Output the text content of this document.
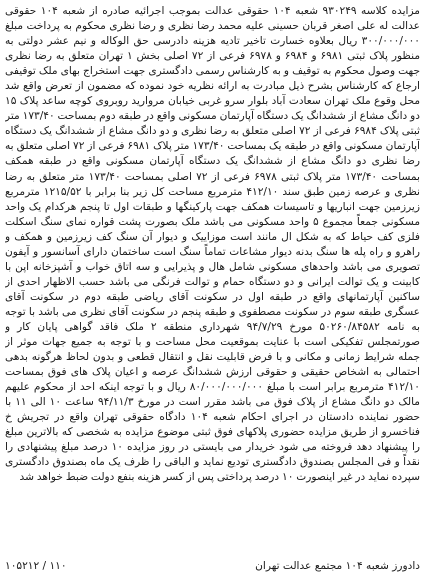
مزایده کلاسه ۹۳۰۲۴۹ شعبه ۱۰۴ حقوقی عدالت بموجب اجرائیه صادره از شعبه ۱۰۴ حقوقی عدالت له علی اصغر قربان حسینی علیه محمد رضا نظری و رضا نظری محکوم به پرداخت مبلغ ۳۰۰/۰۰۰/۰۰۰ ریال بعلاوه خسارت تاخیر تادیه هزینه دادرسی حق الوکاله و نیم عشر دولتی به منظور پلاک ثبتی ۶۹۸۱ و ۶۹۸۴ و ۶۹۷۸ فرعی از ۷۲ اصلی بخش ۱ تهران متعلق به رضا نظری جهت وصول محکوم به توقیف و به کارشناس رسمی دادگستری جهت استخراج بهای ملک توقیفی ارجاع که کارشناس بشرح ذیل مبادرت به ارائه نظریه خود نموده که مضمون از تعرض واقع شد محل وقوع ملک تهران سعادت آباد بلوار سرو غربی خیابان مروارید روبروی کوچه ساعد پلاک ۱۵ دو دانگ مشاع از ششدانگ یک دستگاه آپارتمان مسکونی واقع در طبقه دوم بمساحت ۱۷۳/۴۰ متر ثبتی پلاک ۶۹۸۴ فرعی از ۷۲ اصلی متعلق به رضا نظری و دو دانگ مشاع از ششدانگ یک دستگاه آپارتمان مسکونی واقع در طبقه یک بمساحت ۱۷۳/۴۰ متر پلاک ۶۹۸۱ فرعی از ۷۲ اصلی متعلق به رضا نظری دو دانگ مشاع از ششدانگ یک دستگاه آپارتمان مسکونی واقع در طبقه همکف بمساحت ۱۷۳/۴۰ متر پلاک ثبتی ۶۹۷۸ فرعی از ۷۲ اصلی بمساحت ۱۷۳/۴۰ متر متعلق به رضا نظری و عرصه زمین طبق سند ۴۱۲/۱۰ مترمربع مساحت کل زیر بنا برابر با ۱۲۱۵/۵۲ مترمربع زیرزمین جهت انباریها و تاسیسات همکف جهت پارکینگها و طبقات اول تا پنجم هرکدام یک واحد مسکونی جمعاً مجموع ۵ واحد مسکونی می باشد ملک بصورت پشت قواره نمای سنگ اسکلت فلزی کف حیاط که به شکل ال مانند است موزاییک و دیوار آن سنگ کف زیرزمین و همکف و راهرو و راه پله ها سنگ بدنه دیوار مشاعات تماماً سنگ است ساختمان دارای آسانسور و آیفون تصویری می باشد واحدهای مسکونی شامل هال و پذیرایی و سه اتاق خواب و آشپزخانه اپن با کابینت و یک توالت ایرانی و دو دستگاه حمام و توالت فرنگی می باشد حسب الاظهار احدی از ساکنین آپارتمانهای واقع در طبقه اول در سکونت آقای ریاضی طبقه دوم در سکونت آقای عسگری طبقه سوم در سکونت مصطفوی و طبقه پنجم در سکونت آقای نظری می باشد با توجه به نامه ۵۰۲۶۰/۸۴۵۸۲ مورخ ۹۴/۷/۲۹ شهرداری منطقه ۲ ملک فاقد گواهی پایان کار و صورتمجلس تفکیکی است با عنایت بموقعیت محل مساحت و با توجه به جمیع جهات موثر از جمله شرایط زمانی و مکانی و با فرض قابلیت نقل و انتقال قطعی و بدون لحاظ هرگونه بدهی احتمالی به اشخاص حقیقی و حقوقی ارزش ششدانگ عرصه و اعیان پلاک های فوق بمساحت ۴۱۲/۱۰ مترمربع برابر است با مبلغ ۸۰/۰۰۰/۰۰۰/۰۰۰ ریال و با توجه اینکه احد از محکوم علیهم مالک دو دانگ مشاع از پلاک فوق می باشد مقرر است در مورخ ۹۴/۱۱/۳ ساعت ۱۰ الی ۱۱ با حضور نماینده دادستان در اجرای احکام شعبه ۱۰۴ دادگاه حقوقی تهران واقع در تجریش خ فناخسرو از طریق مزایده حضوری پلاکهای فوق ثبتی موضوع مزایده به شخصی که بالاترین مبلغ را پیشنهاد دهد فروخته می شود خریدار می بایستی در روز مزایده ۱۰ درصد مبلغ پیشنهادی را نقداً و فی المجلس بصندوق دادگستری تودیع نماید و الباقی را ظرف یک ماه بصندوق دادگستری سپرده نماید در غیر اینصورت ۱۰ درصد پرداختی پس از کسر هزینه بنفع دولت ضبط خواهد شد

دادورز شعبه ۱۰۴ مجتمع عدالت تهران
۱۰۵۲۱۲ / ۱۱۰
